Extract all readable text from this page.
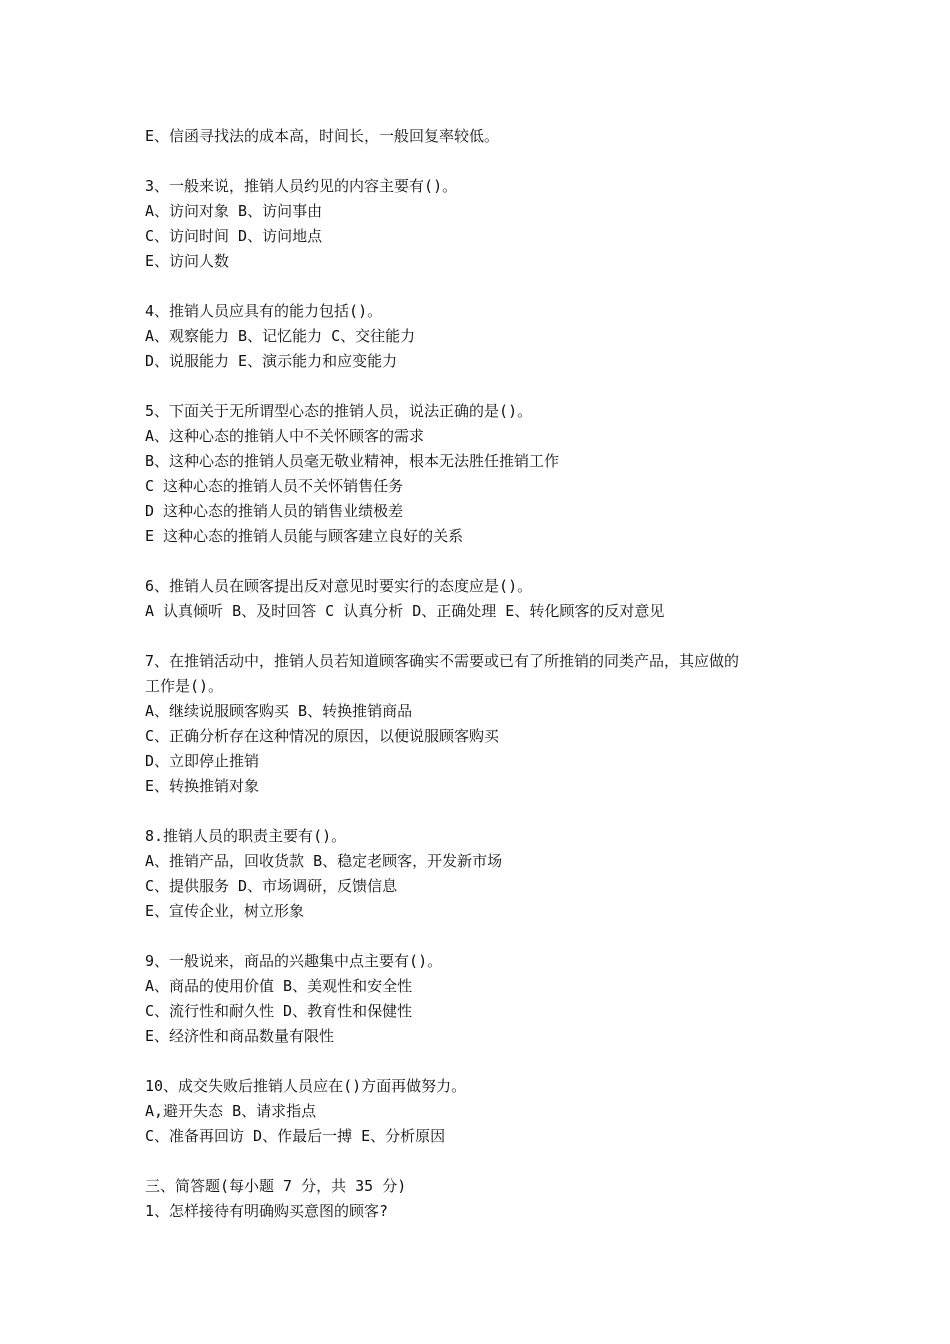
E、信函寻找法的成本高，时间长，一般回复率较低。
3、一般来说，推销人员约见的内容主要有()。
A、访问对象 B、访问事由
C、访问时间 D、访问地点
E、访问人数
4、推销人员应具有的能力包括()。
A、观察能力 B、记忆能力 C、交往能力
D、说服能力 E、演示能力和应变能力
5、下面关于无所谓型心态的推销人员，说法正确的是()。
A、这种心态的推销人中不关怀顾客的需求
B、这种心态的推销人员毫无敬业精神，根本无法胜任推销工作
C 这种心态的推销人员不关怀销售任务
D 这种心态的推销人员的销售业绩极差
E 这种心态的推销人员能与顾客建立良好的关系
6、推销人员在顾客提出反对意见时要实行的态度应是()。
A 认真倾听 B、及时回答 C 认真分析 D、正确处理 E、转化顾客的反对意见
7、在推销活动中，推销人员若知道顾客确实不需要或已有了所推销的同类产品，其应做的
工作是()。
A、继续说服顾客购买 B、转换推销商品
C、正确分析存在这种情况的原因，以便说服顾客购买
D、立即停止推销
E、转换推销对象
8.推销人员的职责主要有()。
A、推销产品，回收货款 B、稳定老顾客，开发新市场
C、提供服务 D、市场调研，反馈信息
E、宣传企业，树立形象
9、一般说来，商品的兴趣集中点主要有()。
A、商品的使用价值 B、美观性和安全性
C、流行性和耐久性 D、教育性和保健性
E、经济性和商品数量有限性
10、成交失败后推销人员应在()方面再做努力。
A,避开失态 B、请求指点
C、准备再回访 D、作最后一搏 E、分析原因
三、简答题(每小题 7 分，共 35 分)
1、怎样接待有明确购买意图的顾客?
